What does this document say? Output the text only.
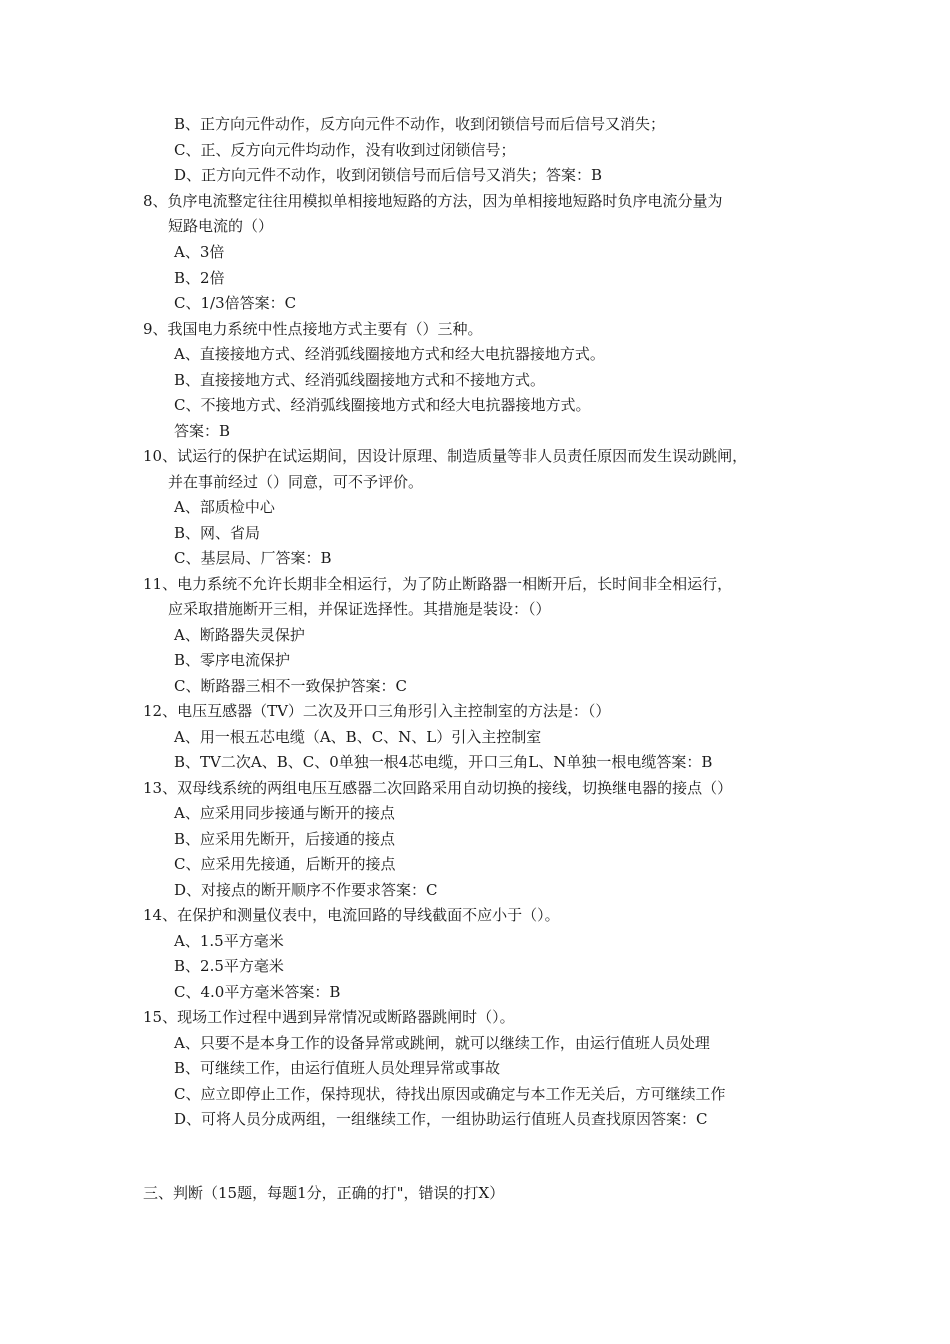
B、正方向元件动作，反方向元件不动作，收到闭锁信号而后信号又消失；
C、正、反方向元件均动作，没有收到过闭锁信号；
D、正方向元件不动作，收到闭锁信号而后信号又消失；答案：B
8、负序电流整定往往用模拟单相接地短路的方法，因为单相接地短路时负序电流分量为
短路电流的（）
A、3倍
B、2倍
C、1/3倍答案：C
9、我国电力系统中性点接地方式主要有（）三种。
A、直接接地方式、经消弧线圈接地方式和经大电抗器接地方式。
B、直接接地方式、经消弧线圈接地方式和不接地方式。
C、不接地方式、经消弧线圈接地方式和经大电抗器接地方式。
答案：B
10、试运行的保护在试运期间，因设计原理、制造质量等非人员责任原因而发生误动跳闸，
并在事前经过（）同意，可不予评价。
A、部质检中心
B、网、省局
C、基层局、厂答案：B
11、电力系统不允许长期非全相运行，为了防止断路器一相断开后，长时间非全相运行，
应采取措施断开三相，并保证选择性。其措施是装设：（）
A、断路器失灵保护
B、零序电流保护
C、断路器三相不一致保护答案：C
12、电压互感器（TV）二次及开口三角形引入主控制室的方法是：（）
A、用一根五芯电缆（A、B、C、N、L）引入主控制室
B、TV二次A、B、C、0单独一根4芯电缆，开口三角L、N单独一根电缆答案：B
13、双母线系统的两组电压互感器二次回路采用自动切换的接线，切换继电器的接点（）
A、应采用同步接通与断开的接点
B、应采用先断开，后接通的接点
C、应采用先接通，后断开的接点
D、对接点的断开顺序不作要求答案：C
14、在保护和测量仪表中，电流回路的导线截面不应小于（）。
A、1.5平方毫米
B、2.5平方毫米
C、4.0平方毫米答案：B
15、现场工作过程中遇到异常情况或断路器跳闸时（）。
A、只要不是本身工作的设备异常或跳闸，就可以继续工作，由运行值班人员处理
B、可继续工作，由运行值班人员处理异常或事故
C、应立即停止工作，保持现状，待找出原因或确定与本工作无关后，方可继续工作
D、可将人员分成两组，一组继续工作，一组协助运行值班人员查找原因答案：C
三、判断（15题，每题1分，正确的打"，错误的打X）
